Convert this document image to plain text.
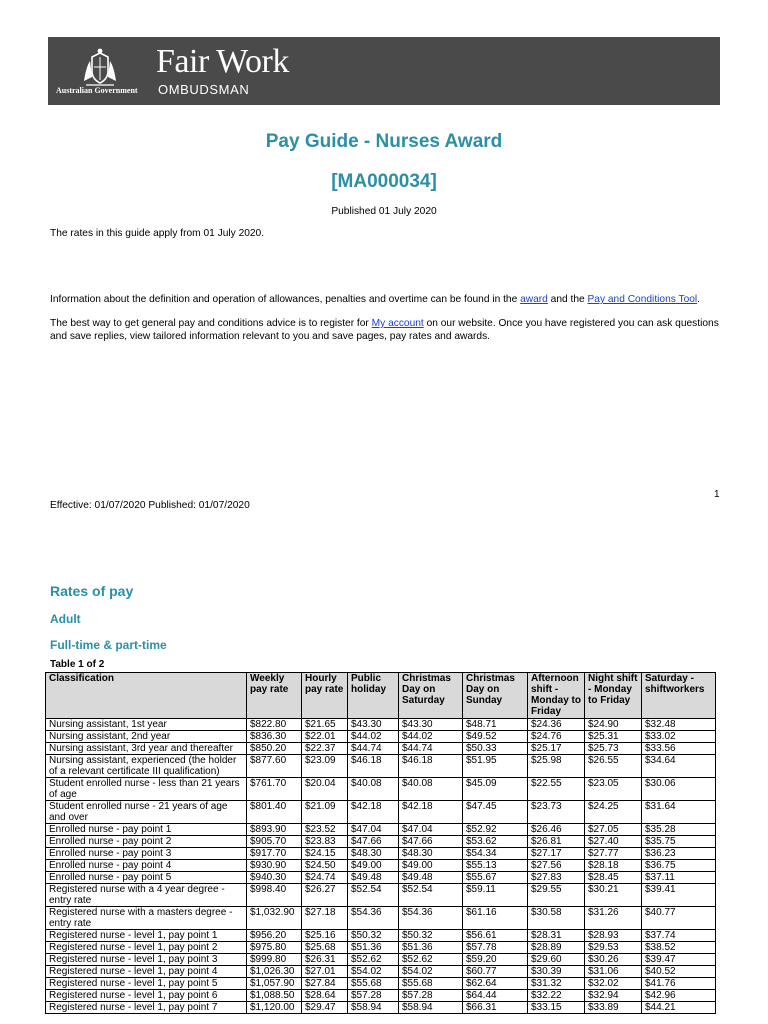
Australian Government
Fair Work
OMBUDSMAN
Pay Guide - Nurses Award
[MA000034]
Published 01 July 2020
The rates in this guide apply from 01 July 2020.
Information about the definition and operation of allowances, penalties and overtime can be found in the award and the Pay and Conditions Tool.
The best way to get general pay and conditions advice is to register for My account on our website. Once you have registered you can ask questions
and save replies, view tailored information relevant to you and save pages, pay rates and awards.
1
Effective: 01/07/2020 Published: 01/07/2020
Rates of pay
Adult
Full-time & part-time
Table 1 of 2
Classification	Weekly pay rate	Hourly pay rate	Public holiday	Christmas Day on Saturday	Christmas Day on Sunday	Afternoon shift - Monday to Friday	Night shift - Monday to Friday	Saturday - shiftworkers
Nursing assistant, 1st year	$822.80	$21.65	$43.30	$43.30	$48.71	$24.36	$24.90	$32.48
Nursing assistant, 2nd year	$836.30	$22.01	$44.02	$44.02	$49.52	$24.76	$25.31	$33.02
Nursing assistant, 3rd year and thereafter	$850.20	$22.37	$44.74	$44.74	$50.33	$25.17	$25.73	$33.56
Nursing assistant, experienced (the holder of a relevant certificate III qualification)	$877.60	$23.09	$46.18	$46.18	$51.95	$25.98	$26.55	$34.64
Student enrolled nurse - less than 21 years of age	$761.70	$20.04	$40.08	$40.08	$45.09	$22.55	$23.05	$30.06
Student enrolled nurse - 21 years of age and over	$801.40	$21.09	$42.18	$42.18	$47.45	$23.73	$24.25	$31.64
Enrolled nurse - pay point 1	$893.90	$23.52	$47.04	$47.04	$52.92	$26.46	$27.05	$35.28
Enrolled nurse - pay point 2	$905.70	$23.83	$47.66	$47.66	$53.62	$26.81	$27.40	$35.75
Enrolled nurse - pay point 3	$917.70	$24.15	$48.30	$48.30	$54.34	$27.17	$27.77	$36.23
Enrolled nurse - pay point 4	$930.90	$24.50	$49.00	$49.00	$55.13	$27.56	$28.18	$36.75
Enrolled nurse - pay point 5	$940.30	$24.74	$49.48	$49.48	$55.67	$27.83	$28.45	$37.11
Registered nurse with a 4 year degree - entry rate	$998.40	$26.27	$52.54	$52.54	$59.11	$29.55	$30.21	$39.41
Registered nurse with a masters degree - entry rate	$1,032.90	$27.18	$54.36	$54.36	$61.16	$30.58	$31.26	$40.77
Registered nurse - level 1, pay point 1	$956.20	$25.16	$50.32	$50.32	$56.61	$28.31	$28.93	$37.74
Registered nurse - level 1, pay point 2	$975.80	$25.68	$51.36	$51.36	$57.78	$28.89	$29.53	$38.52
Registered nurse - level 1, pay point 3	$999.80	$26.31	$52.62	$52.62	$59.20	$29.60	$30.26	$39.47
Registered nurse - level 1, pay point 4	$1,026.30	$27.01	$54.02	$54.02	$60.77	$30.39	$31.06	$40.52
Registered nurse - level 1, pay point 5	$1,057.90	$27.84	$55.68	$55.68	$62.64	$31.32	$32.02	$41.76
Registered nurse - level 1, pay point 6	$1,088.50	$28.64	$57.28	$57.28	$64.44	$32.22	$32.94	$42.96
Registered nurse - level 1, pay point 7	$1,120.00	$29.47	$58.94	$58.94	$66.31	$33.15	$33.89	$44.21
